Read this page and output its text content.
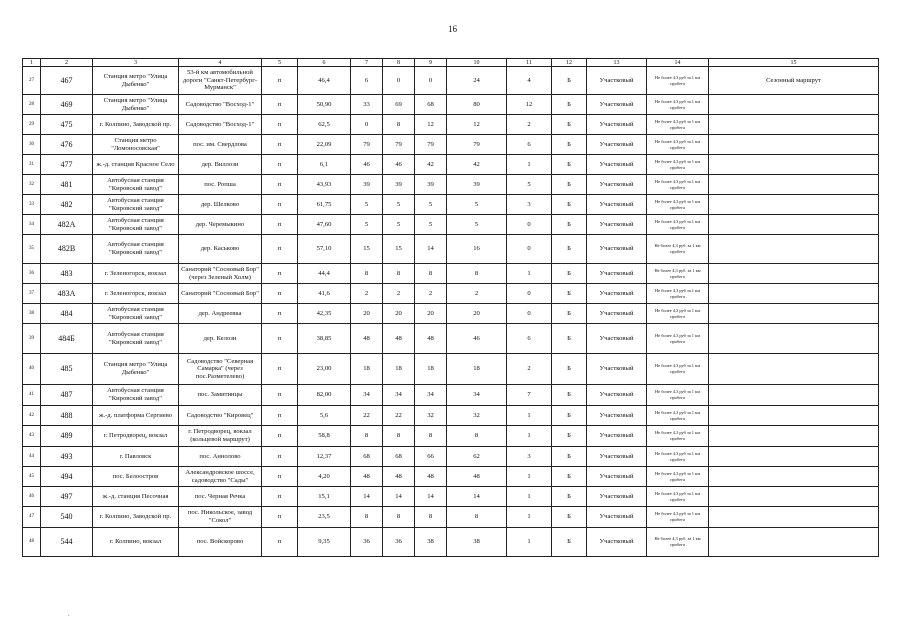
16
1	2	3	4	5	6	7	8	9	10	11	12	13	14	15
27	467	Станция метро "Улица Дыбенко"	53-й км автомобильной дороги "Санкт-Петербург-Мурманск"	п	46,4	6	0	0	24	4	Б	Участковый	Не более 4,3 руб за 1 км пробега	Сезонный маршрут
28	469	Станция метро "Улица Дыбенко"	Садоводство "Восход-1"	п	50,90	33	69	68	80	12	Б	Участковый	Не более 4,3 руб за 1 км пробега	
29	475	г. Колпино, Заводской пр.	Садоводство "Восход-1"	п	62,5	0	8	12	12	2	Б	Участковый	Не более 4,3 руб за 1 км пробега	
30	476	Станция метро "Ломоносовская"	пос. им. Свердлова	п	22,09	79	79	79	79	6	Б	Участковый	Не более 4,3 руб за 1 км пробега	
31	477	ж.-д. станция Красное Село	дер. Виллози	п	6,1	46	46	42	42	1	Б	Участковый	Не более 4,3 руб за 1 км пробега	
32	481	Автобусная станция "Кировский завод"	пос. Ропша	п	43,93	39	39	39	39	5	Б	Участковый	Не более 4,3 руб за 1 км пробега	
33	482	Автобусная станция "Кировский завод"	дер. Шелково	п	61,75	5	5	5	5	3	Б	Участковый	Не более 4,3 руб за 1 км пробега	
34	482А	Автобусная станция "Кировский завод"	дер. Черемыкино	п	47,60	5	5	5	5	0	Б	Участковый	Не более 4,3 руб за 1 км пробега	
35	482В	Автобусная станция "Кировский завод"	дер. Каськово	п	57,10	15	15	14	16	0	Б	Участковый	Не более 4,3 руб. за 1 км пробега	
36	483	г. Зеленогорск, вокзал	Санаторий "Сосновый Бор" (через Зеленый Холм)	п	44,4	8	8	8	8	1	Б	Участковый	Не более 4,3 руб. за 1 км пробега	
37	483А	г. Зеленогорск, вокзал	Санаторий "Сосновый Бор"	п	41,6	2	2	2	2	0	Б	Участковый	Не более 4,3 руб за 1 км пробега	
38	484	Автобусная станция "Кировский завод"	дер. Андреевка	п	42,35	20	20	20	20	0	Б	Участковый	Не более 4,3 руб за 1 км пробега	
39	484Б	Автобусная станция "Кировский завод"	дер. Келози	п	38,85	48	48	48	46	6	Б	Участковый	Не более 4,3 руб за 1 км пробега	
40	485	Станция метро "Улица Дыбенко"	Садоводство "Северная Самарка" (через пос.Разметелево)	п	23,00	18	18	18	18	2	Б	Участковый	Не более 4,3 руб за 1 км пробега	
41	487	Автобусная станция "Кировский завод"	пос. Замитинцы	п	82,00	34	34	34	34	7	Б	Участковый	Не более 4,3 руб за 1 км пробега	
42	488	ж.-д. платформа Сергиево	Садоводство "Кировец"	п	5,6	22	22	32	32	1	Б	Участковый	Не более 4,3 руб за 1 км пробега	
43	489	г. Петродворец, вокзал	г. Петродворец, вокзал (кольцевой маршрут)	п	58,8	8	8	8	8	1	Б	Участковый	Не более 4,3 руб за 1 км пробега	
44	493	г. Павловск	пос. Аннолово	п	12,37	68	68	66	62	3	Б	Участковый	Не более 4,3 руб за 1 км пробега	
45	494	пос. Белоостров	Александровское шоссе, садоводство "Сады"	п	4,20	48	48	48	48	1	Б	Участковый	Не более 4,3 руб за 1 км пробега	
46	497	ж.-д. станция Песочная	пос. Черная Речка	п	15,1	14	14	14	14	1	Б	Участковый	Не более 4,3 руб за 1 км пробега	
47	540	г. Колпино, Заводской пр.	пос. Никольское, завод "Сокол"	п	23,5	8	8	8	8	1	Б	Участковый	Не более 4,3 руб за 1 км пробега	
48	544	г. Колпино, вокзал	пос. Войскорово	п	9,35	36	36	38	38	1	Б	Участковый	Не более 4,3 руб. за 1 км пробега	
.
